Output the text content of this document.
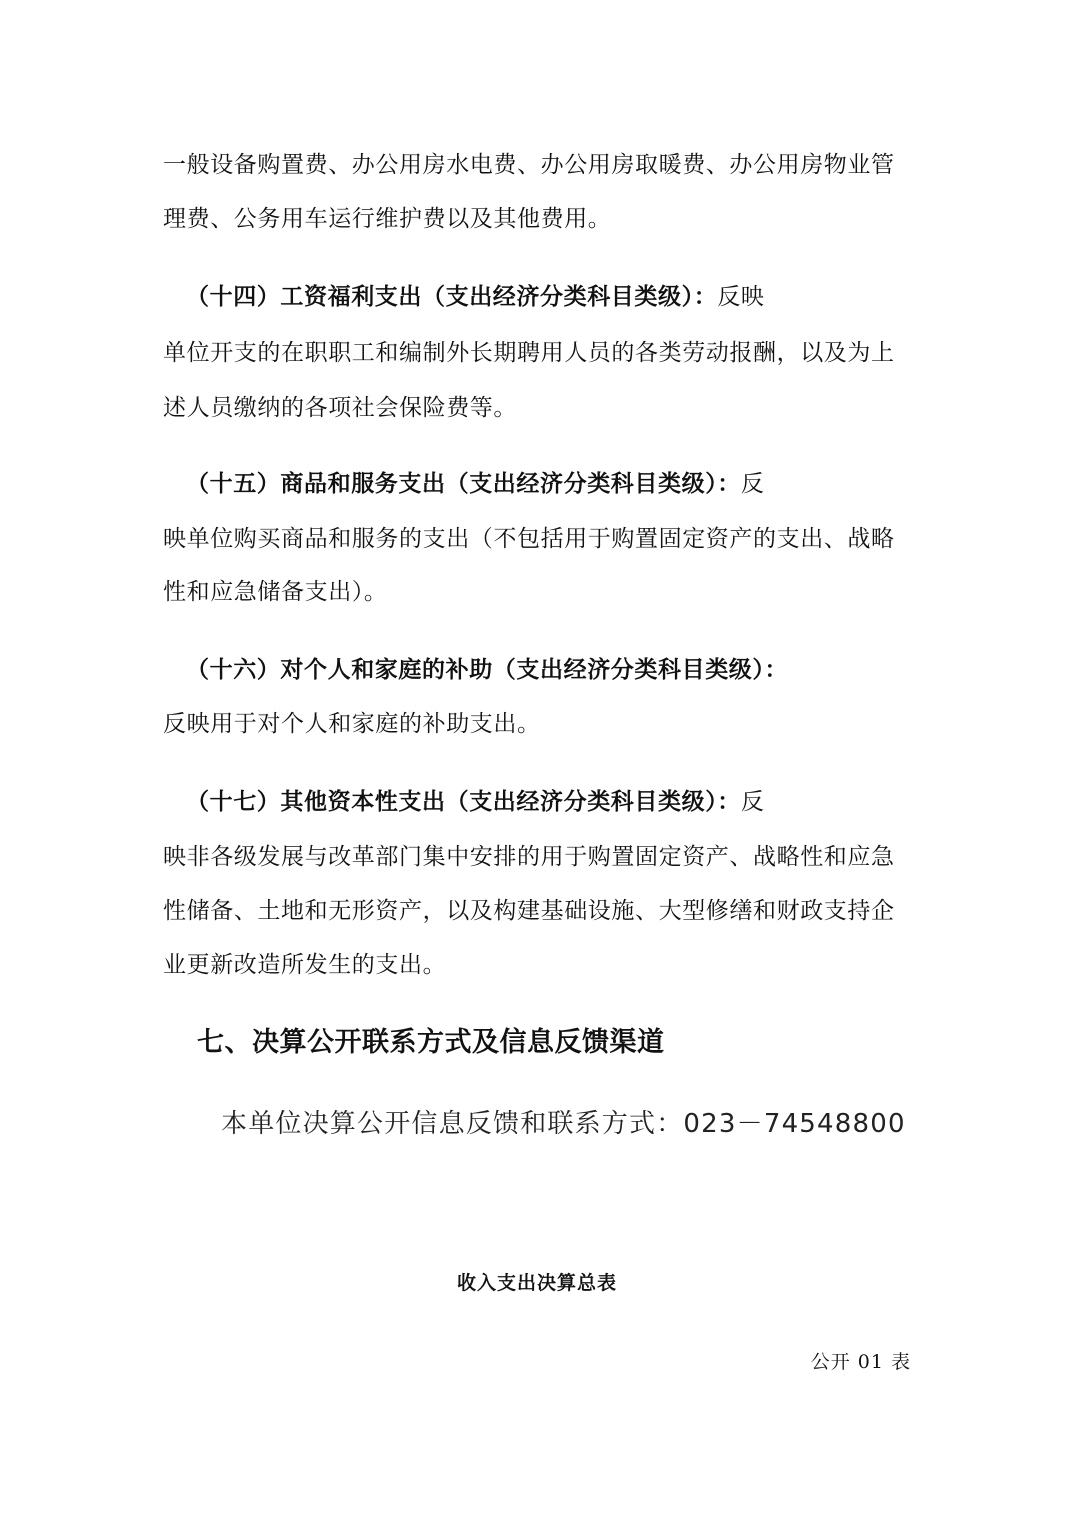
一般设备购置费、办公用房水电费、办公用房取暖费、办公用房物业管
理费、公务用车运行维护费以及其他费用。
（十四）工资福利支出（支出经济分类科目类级）：反映
单位开支的在职职工和编制外长期聘用人员的各类劳动报酬，以及为上
述人员缴纳的各项社会保险费等。
（十五）商品和服务支出（支出经济分类科目类级）：反
映单位购买商品和服务的支出（不包括用于购置固定资产的支出、战略
性和应急储备支出）。
（十六）对个人和家庭的补助（支出经济分类科目类级）：
反映用于对个人和家庭的补助支出。
（十七）其他资本性支出（支出经济分类科目类级）：反
映非各级发展与改革部门集中安排的用于购置固定资产、战略性和应急
性储备、土地和无形资产，以及构建基础设施、大型修缮和财政支持企
业更新改造所发生的支出。
七、决算公开联系方式及信息反馈渠道
本单位决算公开信息反馈和联系方式：023－74548800
收入支出决算总表
公开 01 表
